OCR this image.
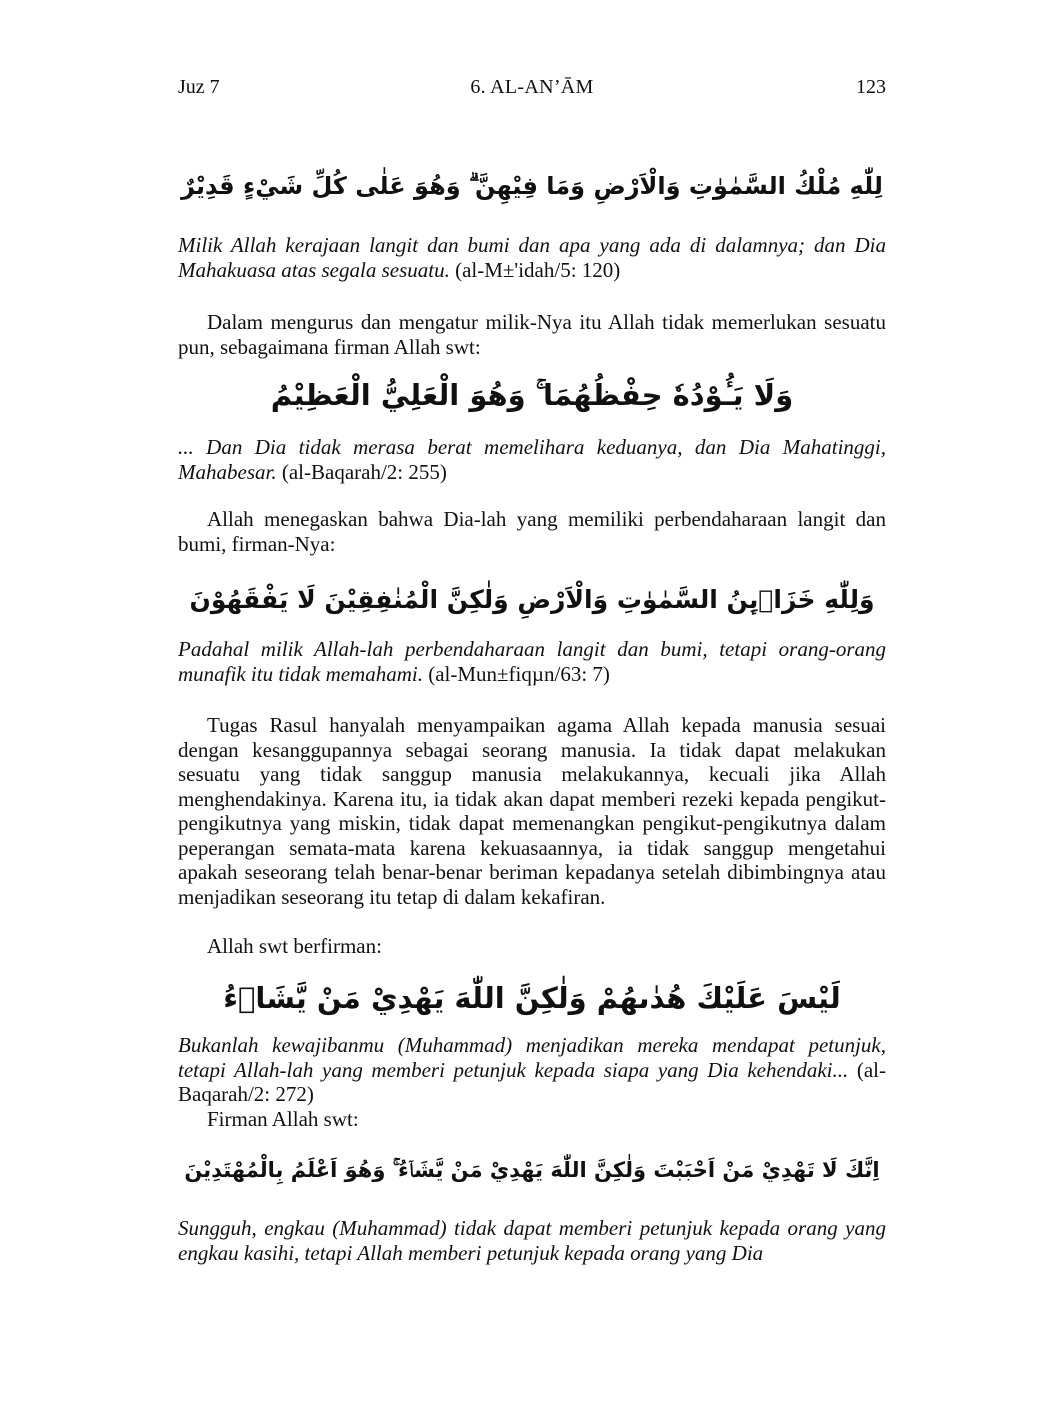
Juz 7	6. AL-AN’ĀM	123
لِلّٰهِ مُلْكُ السَّمٰوٰتِ وَالْاَرْضِ وَمَا فِيْهِنَّ ۗ وَهُوَ عَلٰى كُلِّ شَيْءٍ قَدِيْرٌ
Milik Allah kerajaan langit dan bumi dan apa yang ada di dalamnya; dan Dia Mahakuasa atas segala sesuatu. (al-M±'idah/5: 120)
Dalam mengurus dan mengatur milik-Nya itu Allah tidak memerlukan sesuatu pun, sebagaimana firman Allah swt:
وَلَا يَـُٔوْدُهٗ حِفْظُهُمَا ۚ وَهُوَ الْعَلِيُّ الْعَظِيْمُ
... Dan Dia tidak merasa berat memelihara keduanya, dan Dia Mahatinggi, Mahabesar. (al-Baqarah/2: 255)
Allah menegaskan bahwa Dia-lah yang memiliki perbendaharaan langit dan bumi, firman-Nya:
وَلِلّٰهِ خَزَاۤىِٕنُ السَّمٰوٰتِ وَالْاَرْضِ وَلٰكِنَّ الْمُنٰفِقِيْنَ لَا يَفْقَهُوْنَ
Padahal milik Allah-lah perbendaharaan langit dan bumi, tetapi orang-orang munafik itu tidak memahami. (al-Mun±fiqµn/63: 7)
Tugas Rasul hanyalah menyampaikan agama Allah kepada manusia sesuai dengan kesanggupannya sebagai seorang manusia. Ia tidak dapat melakukan sesuatu yang tidak sanggup manusia melakukannya, kecuali jika Allah menghendakinya. Karena itu, ia tidak akan dapat memberi rezeki kepada pengikut-pengikutnya yang miskin, tidak dapat memenangkan pengikut-pengikutnya dalam peperangan semata-mata karena kekuasaannya, ia tidak sanggup mengetahui apakah seseorang telah benar-benar beriman kepadanya setelah dibimbingnya atau menjadikan seseorang itu tetap di dalam kekafiran.
Allah swt berfirman:
لَيْسَ عَلَيْكَ هُدٰىهُمْ وَلٰكِنَّ اللّٰهَ يَهْدِيْ مَنْ يَّشَاۤءُ
Bukanlah kewajibanmu (Muhammad) menjadikan mereka mendapat petunjuk, tetapi Allah-lah yang memberi petunjuk kepada siapa yang Dia kehendaki... (al-Baqarah/2: 272)
Firman Allah swt:
اِنَّكَ لَا تَهْدِيْ مَنْ اَحْبَبْتَ وَلٰكِنَّ اللّٰهَ يَهْدِيْ مَنْ يَّشَاۤءُ ۚ وَهُوَ اَعْلَمُ بِالْمُهْتَدِيْنَ
Sungguh, engkau (Muhammad) tidak dapat memberi petunjuk kepada orang yang engkau kasihi, tetapi Allah memberi petunjuk kepada orang yang Dia
